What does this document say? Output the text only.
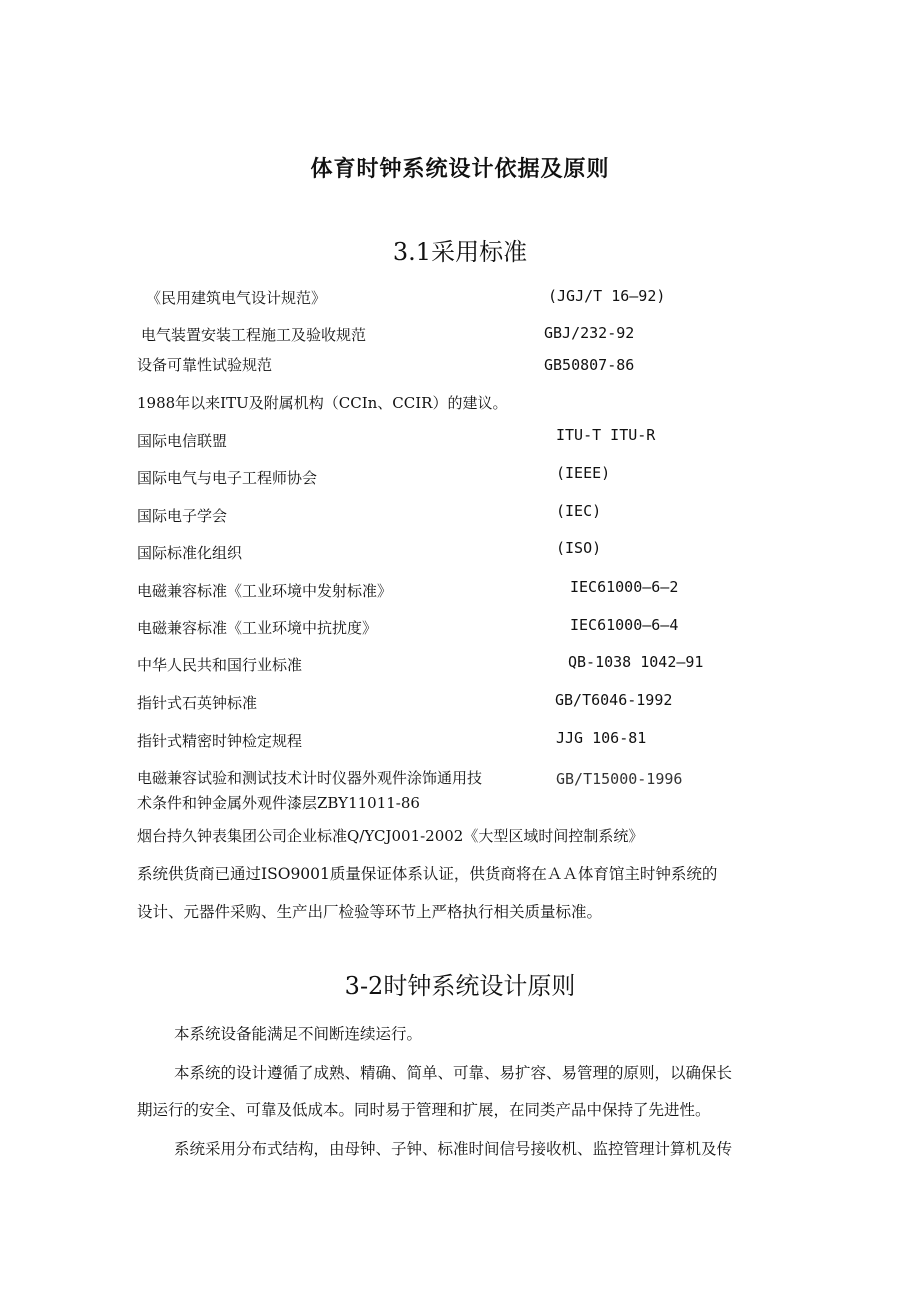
体育时钟系统设计依据及原则
3.1采用标准
《民用建筑电气设计规范》	(JGJ/T 16—92)
电气装置安装工程施工及验收规范	GBJ/232-92
设备可靠性试验规范	GB50807-86
1988年以来ITU及附属机构（CCIn、CCIR）的建议。
国际电信联盟	ITU-T ITU-R
国际电气与电子工程师协会	(IEEE)
国际电子学会	(IEC)
国际标准化组织	(ISO)
电磁兼容标准《工业环境中发射标准》	IEC61000—6—2
电磁兼容标准《工业环境中抗扰度》	IEC61000—6—4
中华人民共和国行业标准	QB-1038 1042—91
指针式石英钟标准	GB/T6046-1992
指针式精密时钟检定规程	JJG 106-81
电磁兼容试验和测试技术计时仪器外观件涂饰通用技	GB/T15000-1996
术条件和钟金属外观件漆层ZBY11011-86
烟台持久钟表集团公司企业标准Q/YCJ001-2002《大型区域时间控制系统》
系统供货商已通过ISO9001质量保证体系认证，供货商将在ＡＡ体育馆主时钟系统的
设计、元器件采购、生产出厂检验等环节上严格执行相关质量标准。
3-2时钟系统设计原则
本系统设备能满足不间断连续运行。
本系统的设计遵循了成熟、精确、简单、可靠、易扩容、易管理的原则，以确保长
期运行的安全、可靠及低成本。同时易于管理和扩展，在同类产品中保持了先进性。
系统采用分布式结构，由母钟、子钟、标准时间信号接收机、监控管理计算机及传
